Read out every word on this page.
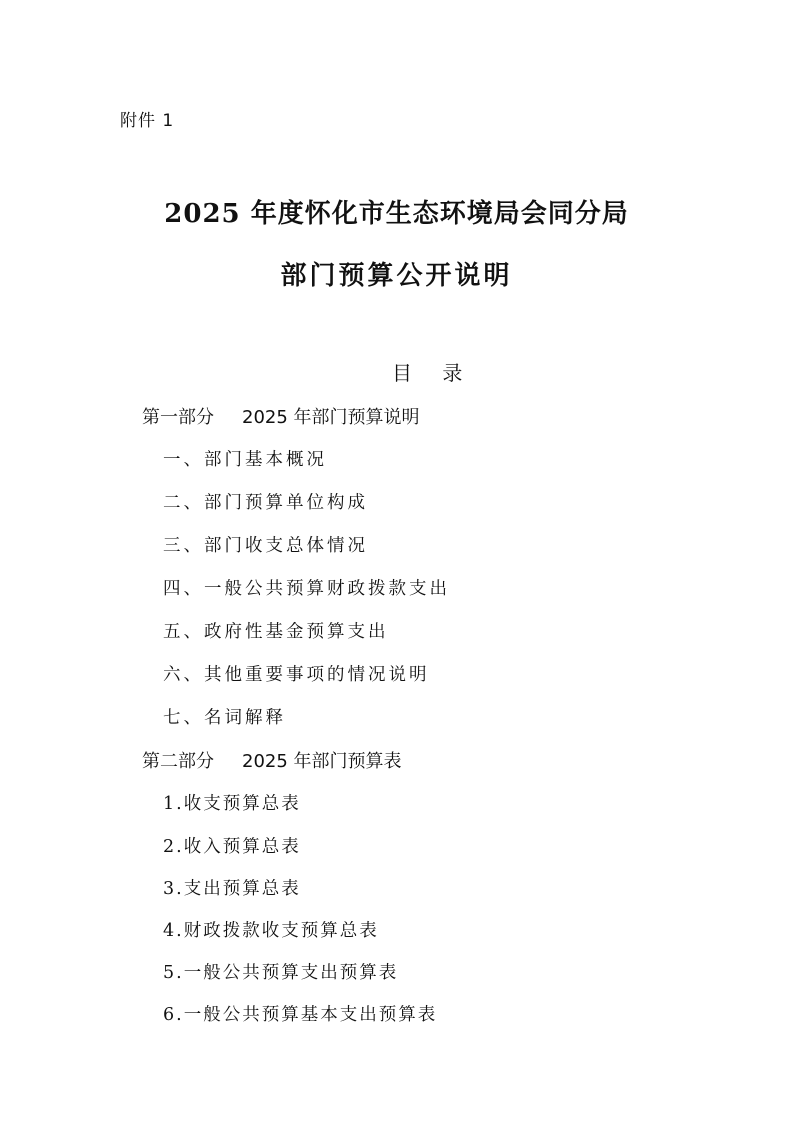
附件 1
2025 年度怀化市生态环境局会同分局
部门预算公开说明
目 录
第一部分 2025 年部门预算说明
一、部门基本概况
二、部门预算单位构成
三、部门收支总体情况
四、一般公共预算财政拨款支出
五、政府性基金预算支出
六、其他重要事项的情况说明
七、名词解释
第二部分 2025 年部门预算表
1.收支预算总表
2.收入预算总表
3.支出预算总表
4.财政拨款收支预算总表
5.一般公共预算支出预算表
6.一般公共预算基本支出预算表
